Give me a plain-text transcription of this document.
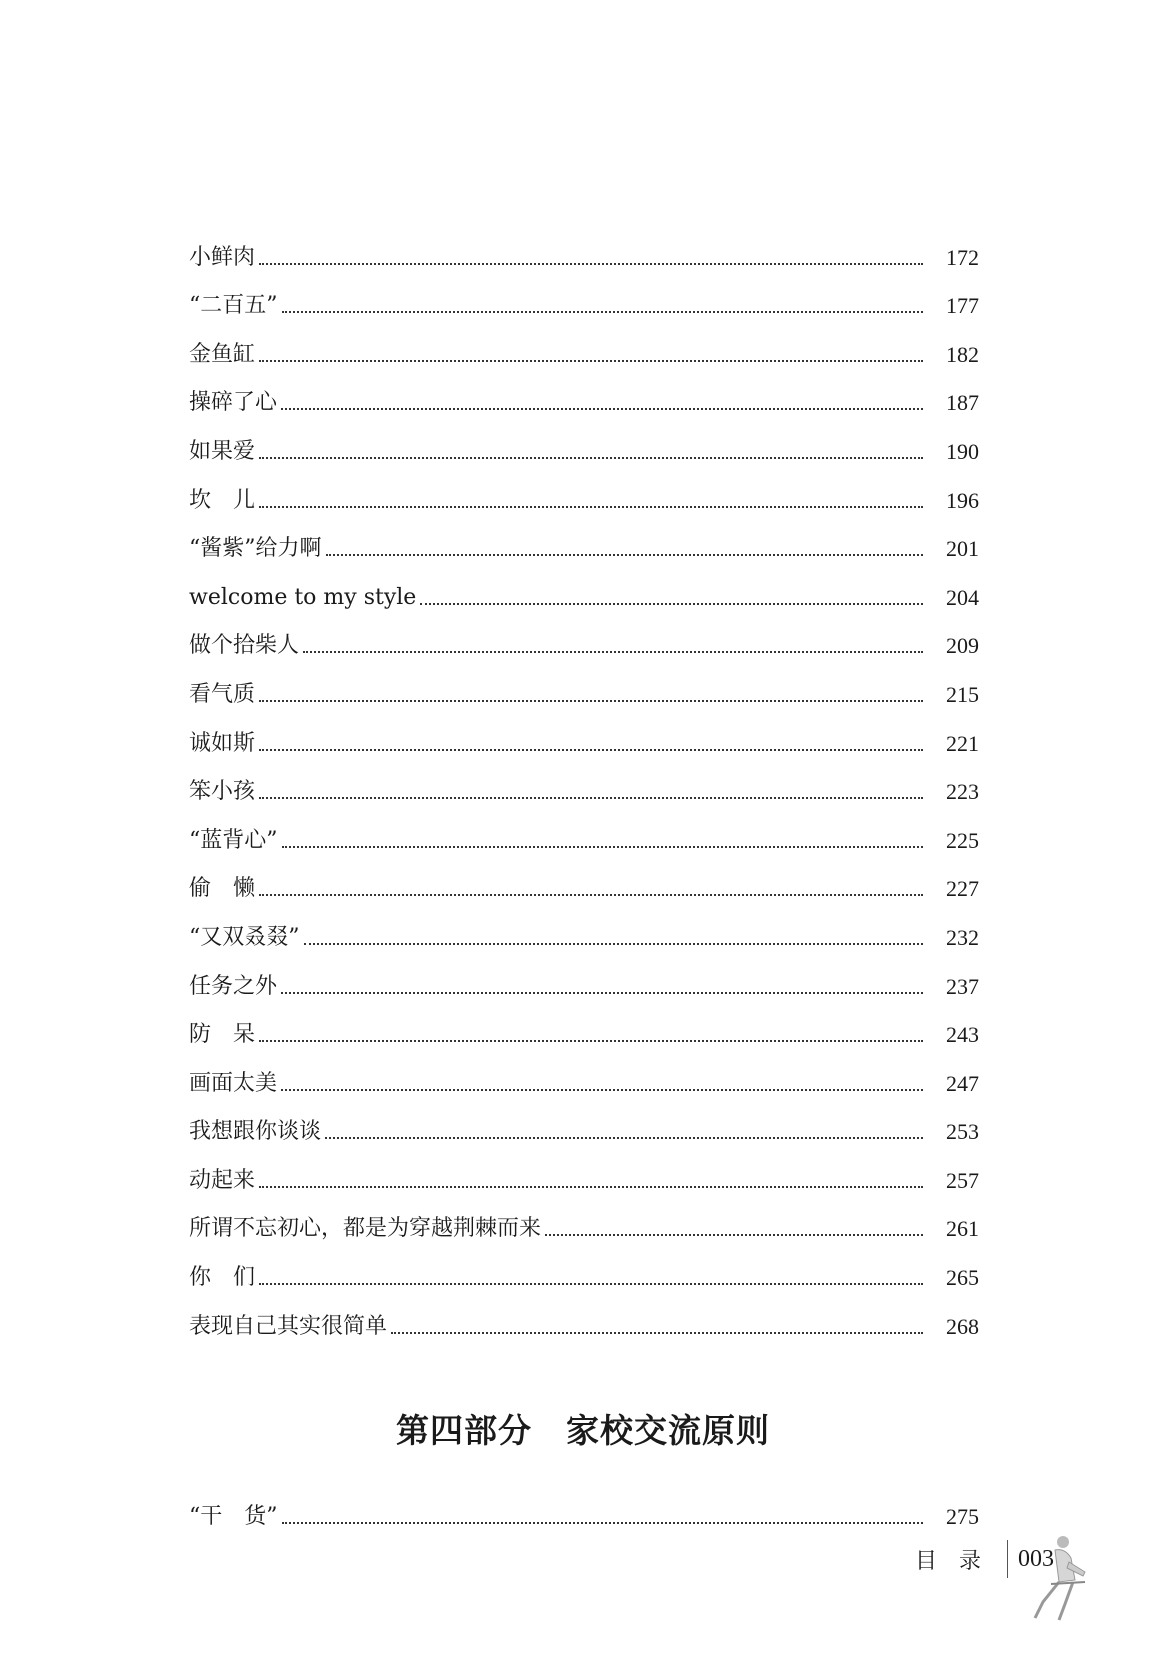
小鲜肉	172
“二百五”	177
金鱼缸	182
操碎了心	187
如果爱	190
坎　儿	196
“酱紫”给力啊	201
welcome to my style	204
做个拾柴人	209
看气质	215
诚如斯	221
笨小孩	223
“蓝背心”	225
偷　懒	227
“又双叒叕”	232
任务之外	237
防　呆	243
画面太美	247
我想跟你谈谈	253
动起来	257
所谓不忘初心，都是为穿越荆棘而来	261
你　们	265
表现自己其实很简单	268
第四部分　家校交流原则
“干　货”	275
目录 003
